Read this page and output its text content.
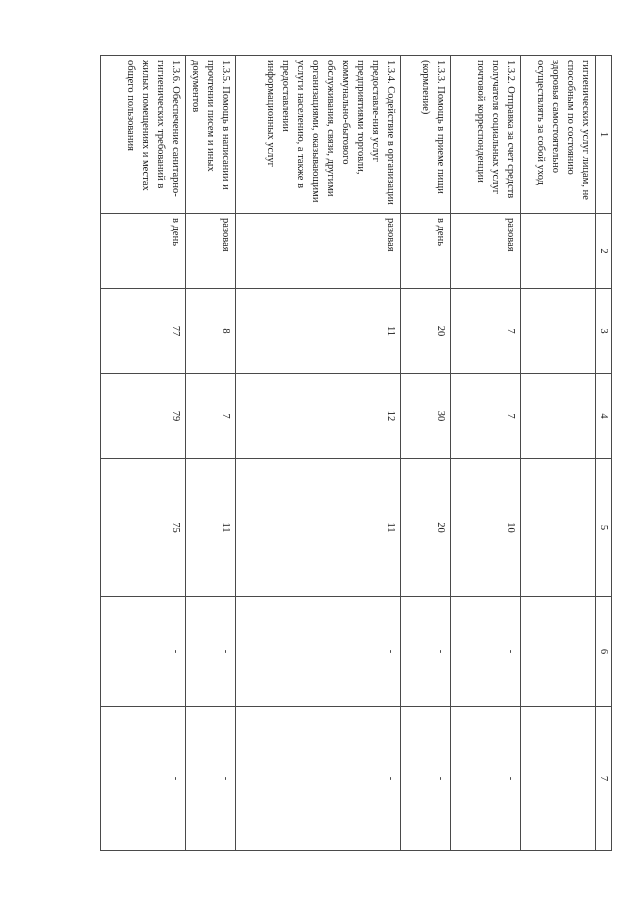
1	2	3	4	5	6	7
гигиенических услуг лицам, не способным по состоянию здоровья самостоятельно осуществлять за собой уход						
1.3.2. Отправка за счет средств получателя социальных услуг почтовой корреспонденции	разовая	7	7	10	-	-
1.3.3. Помощь в приеме пищи (кормление)	в день	20	30	20	-	-
1.3.4. Содействие в организации предоставле-ния услуг предприятиями торговли, коммунально-бытового обслуживания, связи, другими организациями, оказывающими услуги населению, а также в предоставлении информационных услуг	разовая	11	12	11	-	-
1.3.5. Помощь в написании и прочтении писем и иных документов	разовая	8	7	11	-	-
1.3.6. Обеспечение санитарно-гигиенических требований в жилых помещениях и местах общего пользования	в день	77	79	75	-	-
